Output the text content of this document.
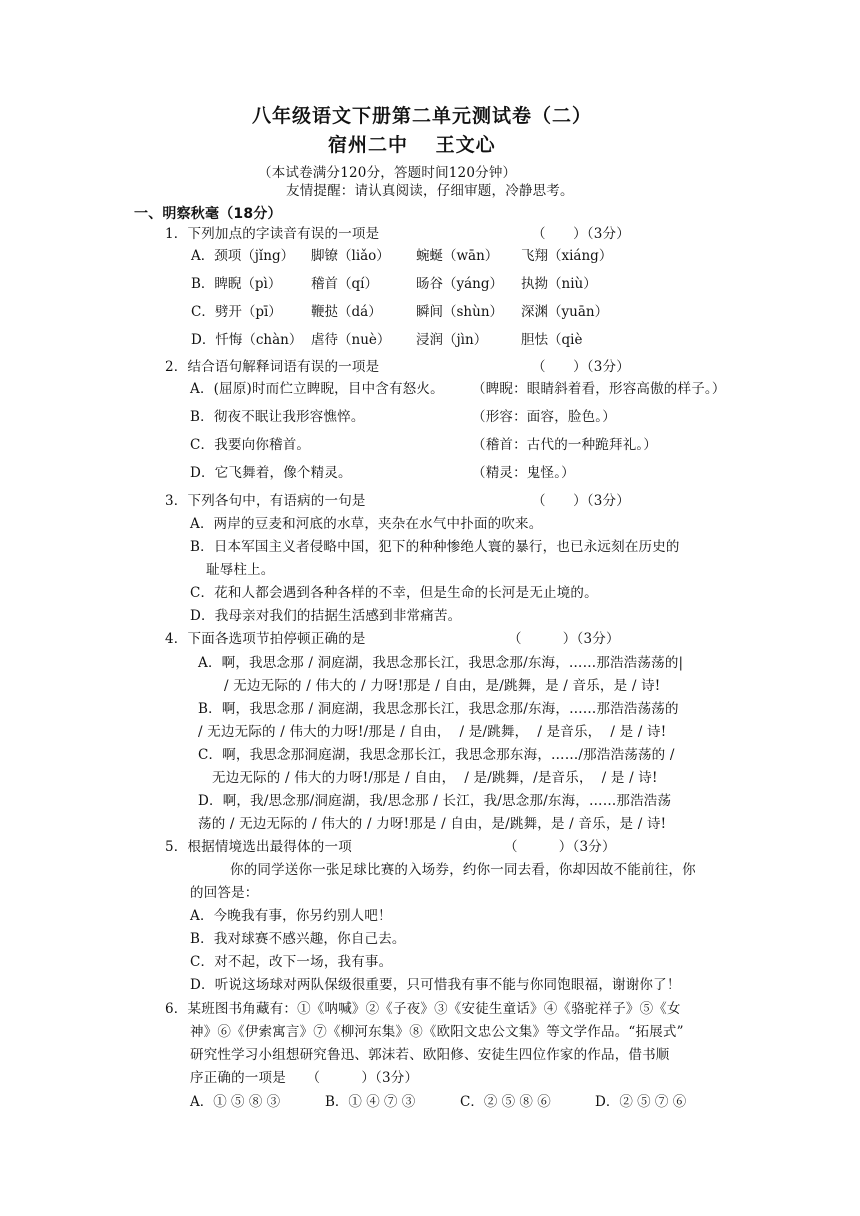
八年级语文下册第二单元测试卷（二）
宿州二中　 王文心
（本试卷满分120分，答题时间120分钟）
友情提醒：请认真阅读，仔细审题，冷静思考。
一、明察秋毫（18分）
1．下列加点的字读音有误的一项是	（　　）（3分）
A．颈项（jǐng）	脚镣（liǎo）	蜿蜒（wān）	飞翔（xiáng）
B．睥睨（pì）	稽首（qí）	旸谷（yáng）	执拗（niù）
C．劈开（pī）	鞭挞（dá）	瞬间（shùn）	深渊（yuān）
D．忏悔（chàn） 虐待（nuè）	浸润（jìn）	胆怯（qiè
2．结合语句解释词语有误的一项是	（　　）（3分）
A．(屈原)时而伫立睥睨，目中含有怒火。 （睥睨：眼睛斜着看，形容高傲的样子。）
B．彻夜不眠让我形容憔悴。	（形容：面容，脸色。）
C．我要向你稽首。	（稽首：古代的一种跪拜礼。）
D．它飞舞着，像个精灵。	（精灵：鬼怪。）
3．下列各句中，有语病的一句是	（　　）（3分）
A．两岸的豆麦和河底的水草，夹杂在水气中扑面的吹来。
B．日本军国主义者侵略中国，犯下的种种惨绝人寰的暴行，也已永远刻在历史的
耻辱柱上。
C．花和人都会遇到各种各样的不幸，但是生命的长河是无止境的。
D．我母亲对我们的拮据生活感到非常痛苦。
4．下面各选项节拍停顿正确的是	（　　　）（3分）
A．啊，我思念那 / 洞庭湖，我思念那长江，我思念那/东海，……那浩浩荡荡的|
/ 无边无际的 / 伟大的 / 力呀!那是 / 自由，是/跳舞，是 / 音乐，是 / 诗!
B．啊，我思念那 / 洞庭湖，我思念那长江，我思念那/东海，……那浩浩荡荡的
/ 无边无际的 / 伟大的力呀!/那是 / 自由，  / 是/跳舞，  / 是音乐，  / 是 / 诗!
C．啊，我思念那洞庭湖，我思念那长江，我思念那东海，……/那浩浩荡荡的 /
无边无际的 / 伟大的力呀!/那是 / 自由，  / 是/跳舞，/是音乐，  / 是 / 诗!
D．啊，我/思念那/洞庭湖，我/思念那 / 长江，我/思念那/东海，……那浩浩荡
荡的 / 无边无际的 / 伟大的 / 力呀!那是 / 自由，是/跳舞，是 / 音乐，是 / 诗!
5．根据情境选出最得体的一项	（　　　）（3分）
你的同学送你一张足球比赛的入场券，约你一同去看，你却因故不能前往，你
的回答是：
A．今晚我有事，你另约别人吧！
B．我对球赛不感兴趣，你自己去。
C．对不起，改下一场，我有事。
D．听说这场球对两队保级很重要，只可惜我有事不能与你同饱眼福，谢谢你了！
6．某班图书角藏有：①《呐喊》②《子夜》③《安徒生童话》④《骆驼祥子》⑤《女
神》⑥《伊索寓言》⑦《柳河东集》⑧《欧阳文忠公文集》等文学作品。“拓展式”
研究性学习小组想研究鲁迅、郭沫若、欧阳修、安徒生四位作家的作品，借书顺
序正确的一项是　　（　　　）（3分）
A．① ⑤ ⑧ ③	B．① ④ ⑦ ③	C．② ⑤ ⑧ ⑥	D．② ⑤ ⑦ ⑥
